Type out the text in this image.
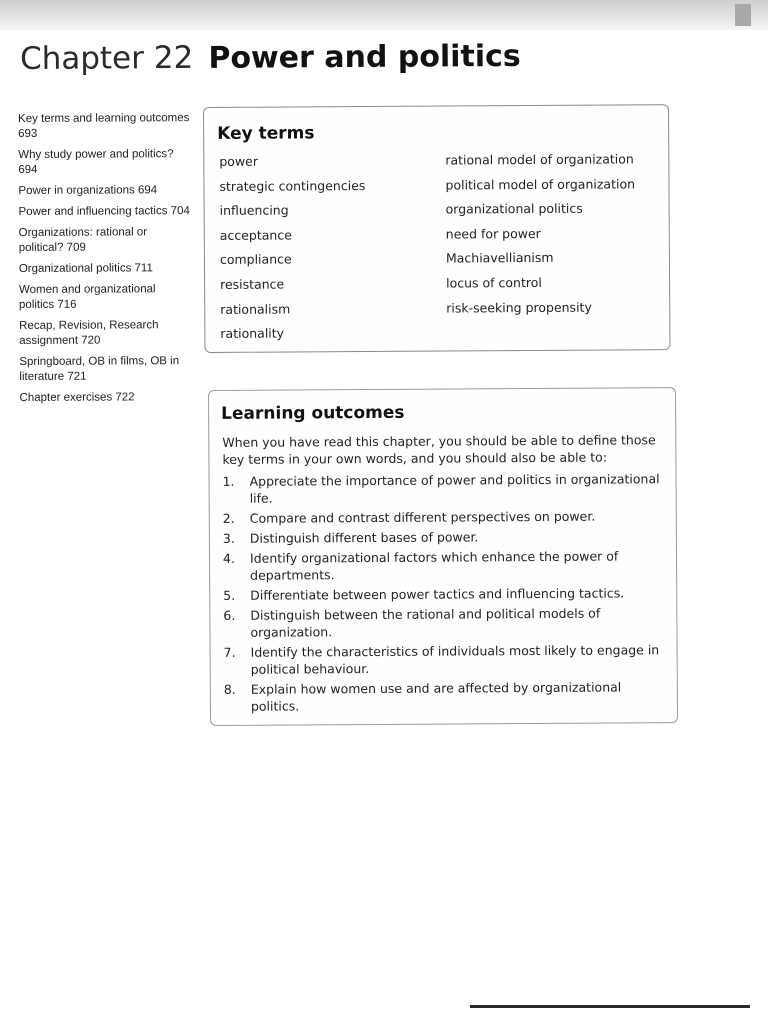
Chapter 22 Power and politics
Key terms and learning outcomes 693
Why study power and politics? 694
Power in organizations 694
Power and influencing tactics 704
Organizations: rational or political? 709
Organizational politics 711
Women and organizational politics 716
Recap, Revision, Research assignment 720
Springboard, OB in films, OB in literature 721
Chapter exercises 722
Key terms
power
strategic contingencies
influencing
acceptance
compliance
resistance
rationalism
rationality
rational model of organization
political model of organization
organizational politics
need for power
Machiavellianism
locus of control
risk-seeking propensity
Learning outcomes

When you have read this chapter, you should be able to define those key terms in your own words, and you should also be able to:

1. Appreciate the importance of power and politics in organizational life.
2. Compare and contrast different perspectives on power.
3. Distinguish different bases of power.
4. Identify organizational factors which enhance the power of departments.
5. Differentiate between power tactics and influencing tactics.
6. Distinguish between the rational and political models of organization.
7. Identify the characteristics of individuals most likely to engage in political behaviour.
8. Explain how women use and are affected by organizational politics.
